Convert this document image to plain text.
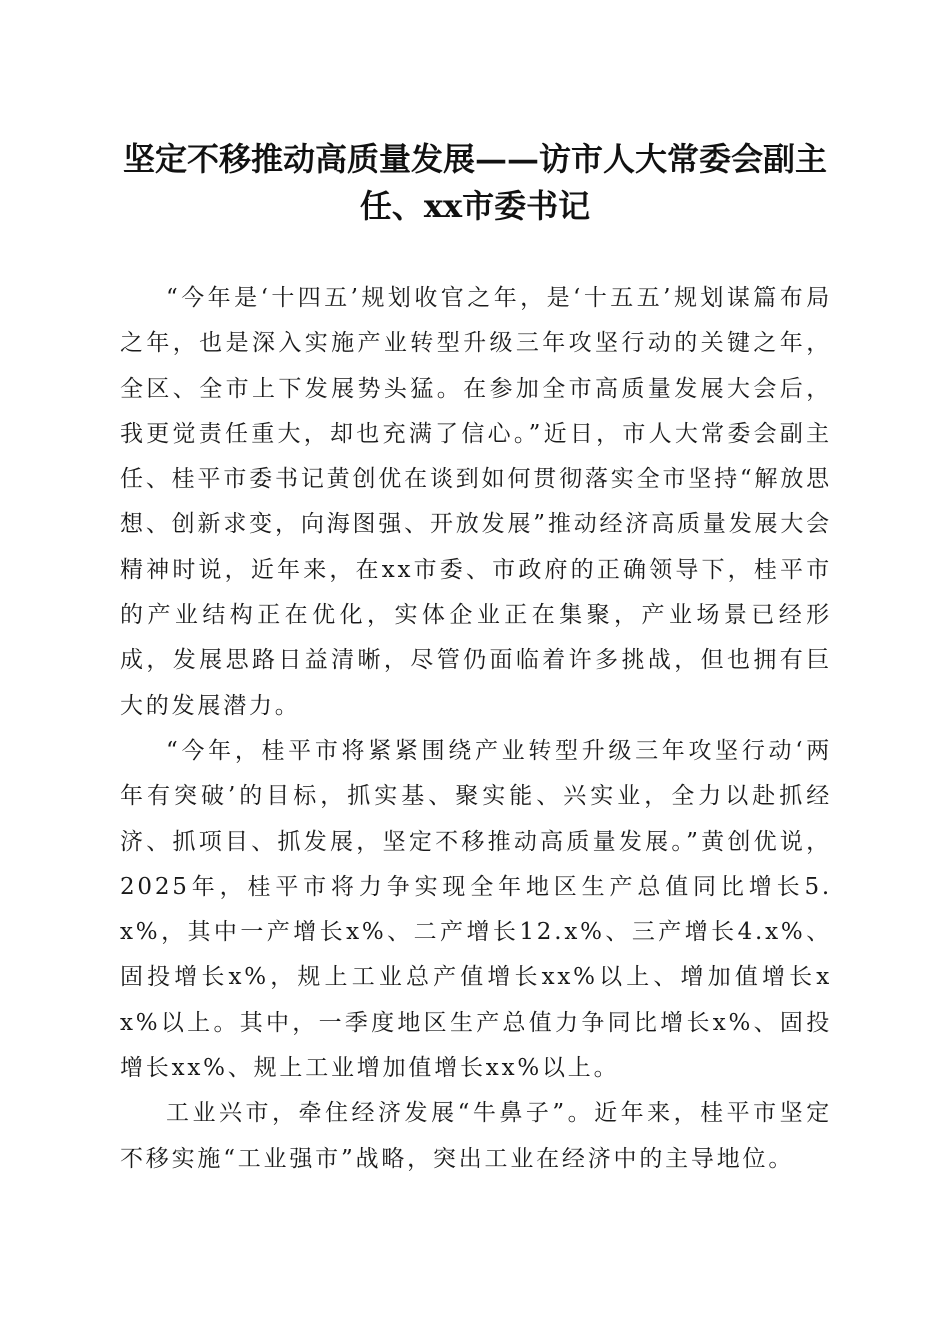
坚定不移推动高质量发展——访市人大常委会副主任、xx市委书记

“今年是‘十四五’规划收官之年，是‘十五五’规划谋篇布局之年，也是深入实施产业转型升级三年攻坚行动的关键之年，全区、全市上下发展势头猛。在参加全市高质量发展大会后，我更觉责任重大，却也充满了信心。”近日，市人大常委会副主任、桂平市委书记黄创优在谈到如何贯彻落实全市坚持“解放思想、创新求变，向海图强、开放发展”推动经济高质量发展大会精神时说，近年来，在xx市委、市政府的正确领导下，桂平市的产业结构正在优化，实体企业正在集聚，产业场景已经形成，发展思路日益清晰，尽管仍面临着许多挑战，但也拥有巨大的发展潜力。

“今年，桂平市将紧紧围绕产业转型升级三年攻坚行动‘两年有突破’的目标，抓实基、聚实能、兴实业，全力以赴抓经济、抓项目、抓发展，坚定不移推动高质量发展。”黄创优说，2025年，桂平市将力争实现全年地区生产总值同比增长5.x%，其中一产增长x%、二产增长12.x%、三产增长4.x%、固投增长x%，规上工业总产值增长xx%以上、增加值增长xx%以上。其中，一季度地区生产总值力争同比增长x%、固投增长xx%、规上工业增加值增长xx%以上。

工业兴市，牵住经济发展“牛鼻子”。近年来，桂平市坚定不移实施“工业强市”战略，突出工业在经济中的主导地位。
